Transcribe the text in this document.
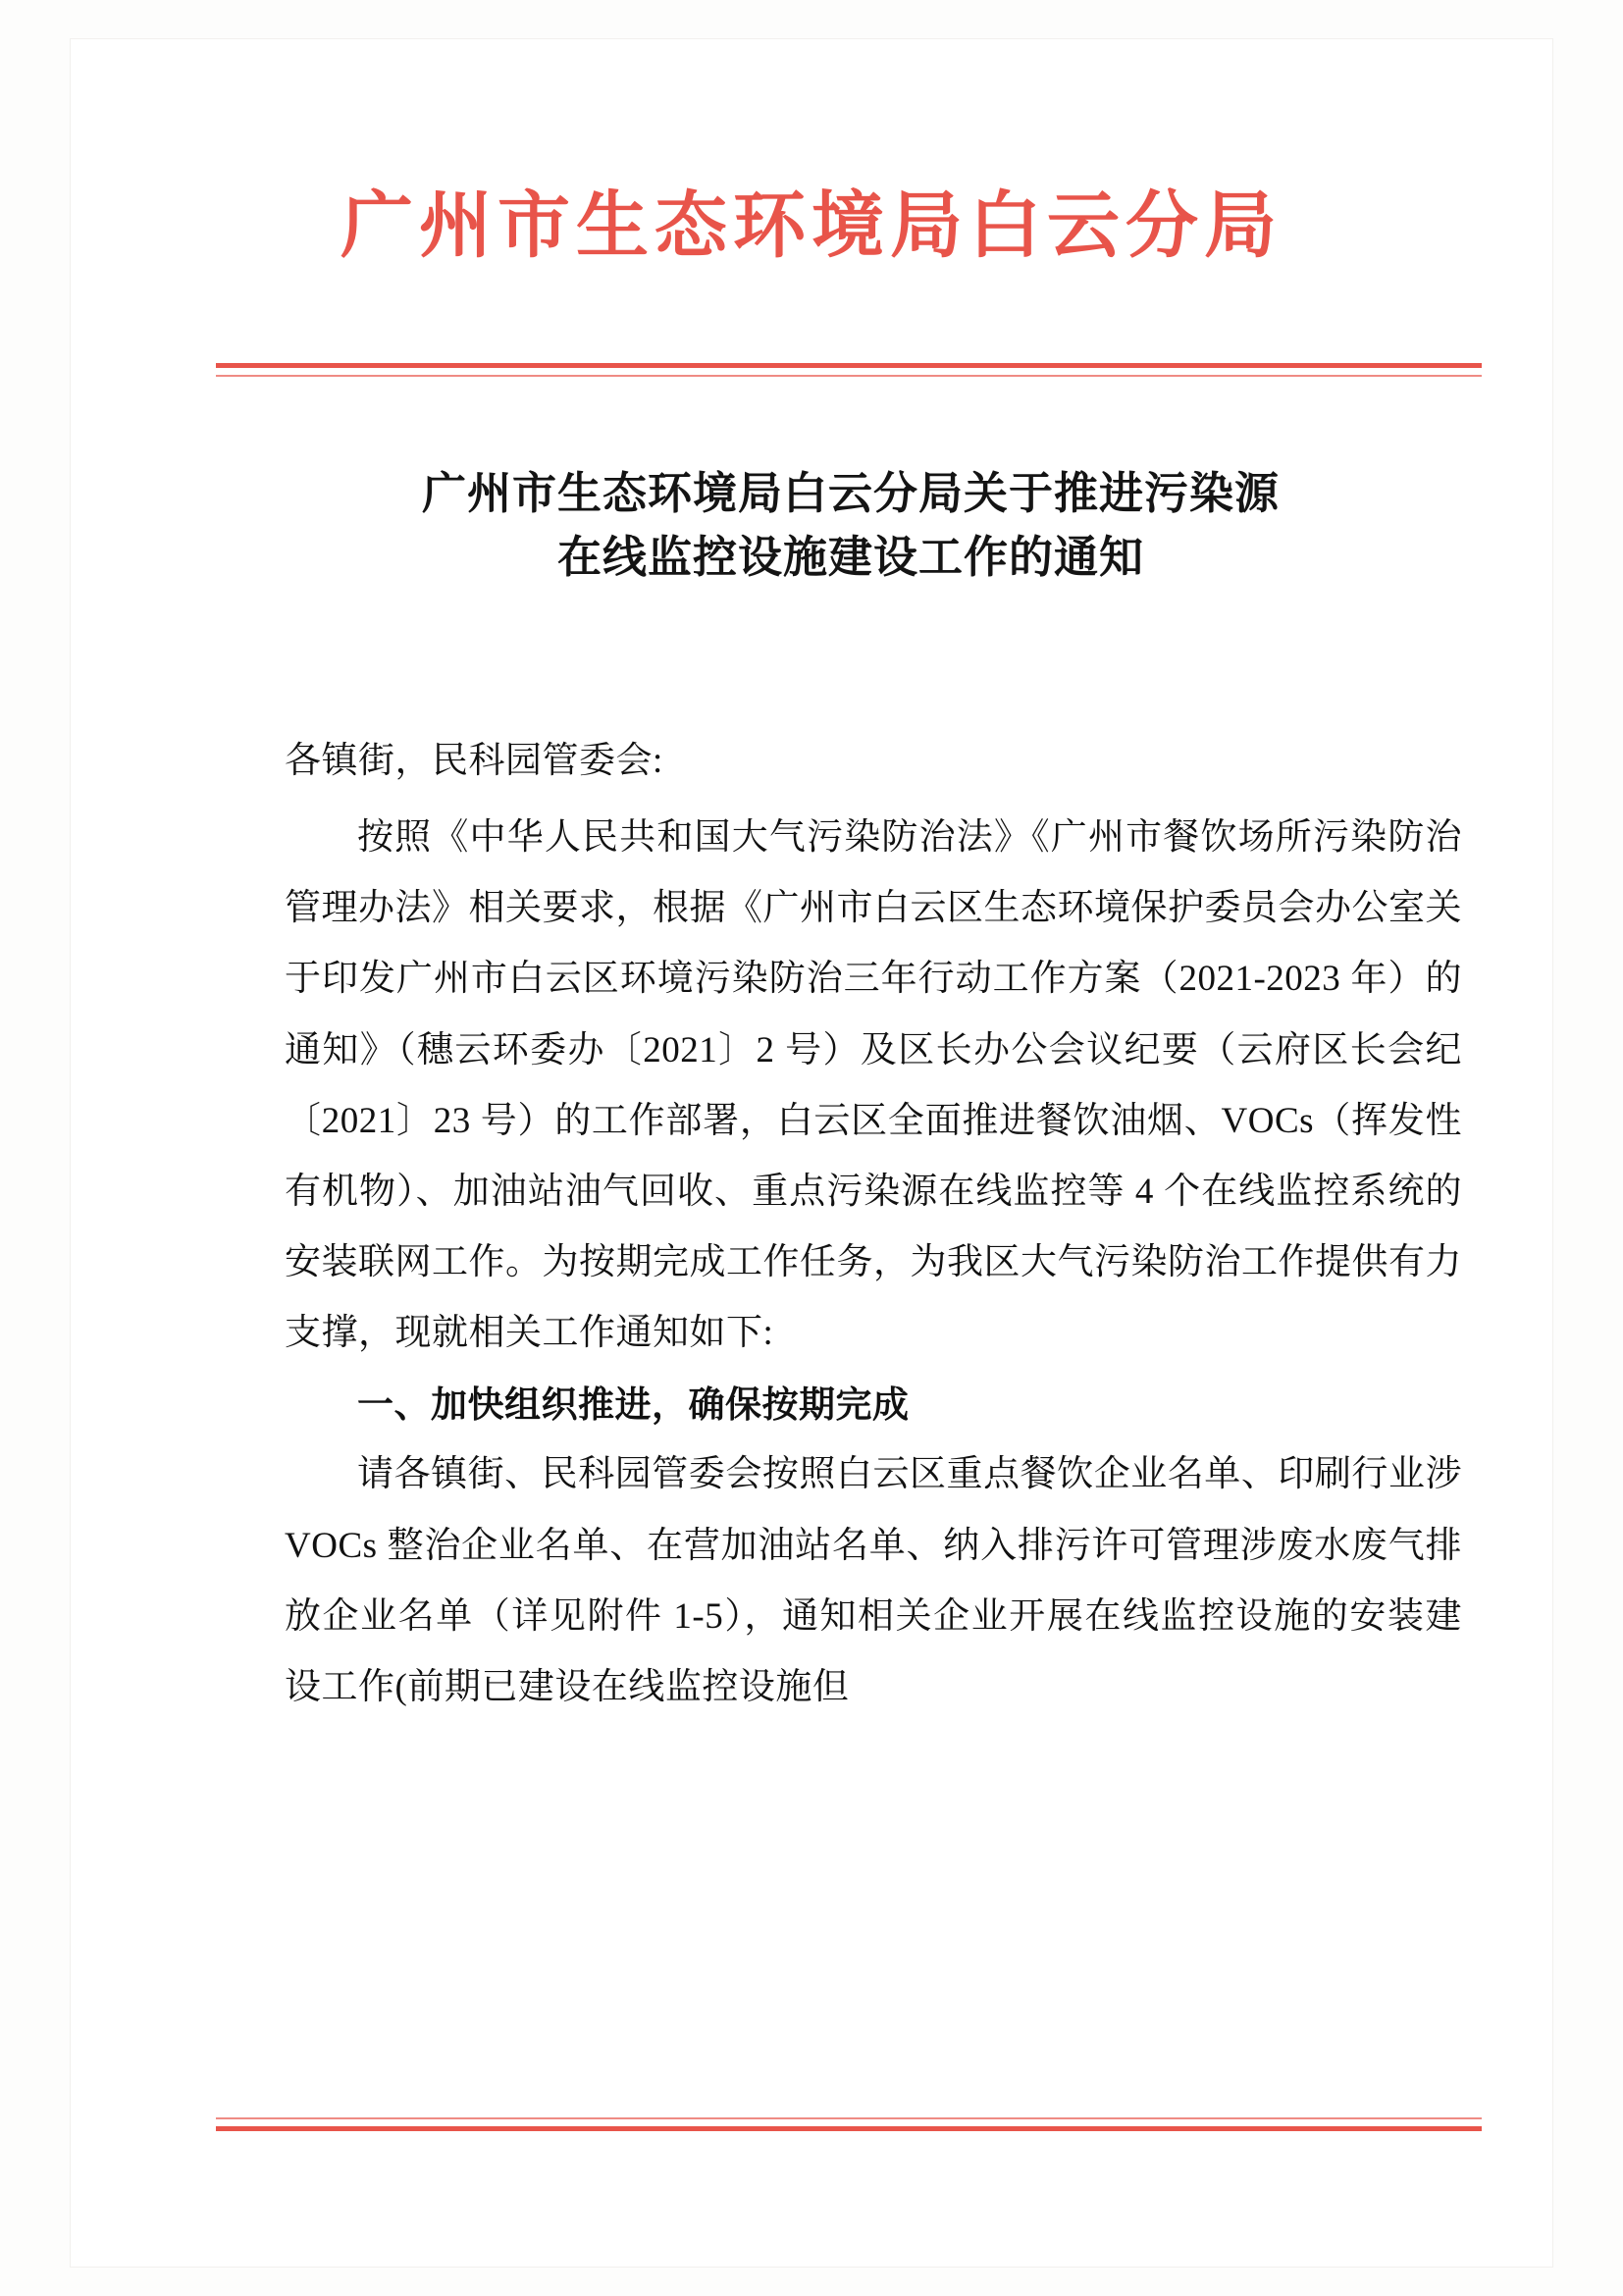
广州市生态环境局白云分局
广州市生态环境局白云分局关于推进污染源
在线监控设施建设工作的通知

各镇街，民科园管委会:

按照《中华人民共和国大气污染防治法》《广州市餐饮场所污染防治管理办法》相关要求，根据《广州市白云区生态环境保护委员会办公室关于印发广州市白云区环境污染防治三年行动工作方案（2021-2023 年）的通知》（穗云环委办〔2021〕2 号）及区长办公会议纪要（云府区长会纪〔2021〕23 号）的工作部署，白云区全面推进餐饮油烟、VOCs（挥发性有机物）、加油站油气回收、重点污染源在线监控等 4 个在线监控系统的安装联网工作。为按期完成工作任务，为我区大气污染防治工作提供有力支撑，现就相关工作通知如下:

一、加快组织推进，确保按期完成

请各镇街、民科园管委会按照白云区重点餐饮企业名单、印刷行业涉 VOCs 整治企业名单、在营加油站名单、纳入排污许可管理涉废水废气排放企业名单（详见附件 1-5），通知相关企业开展在线监控设施的安装建设工作(前期已建设在线监控设施但
